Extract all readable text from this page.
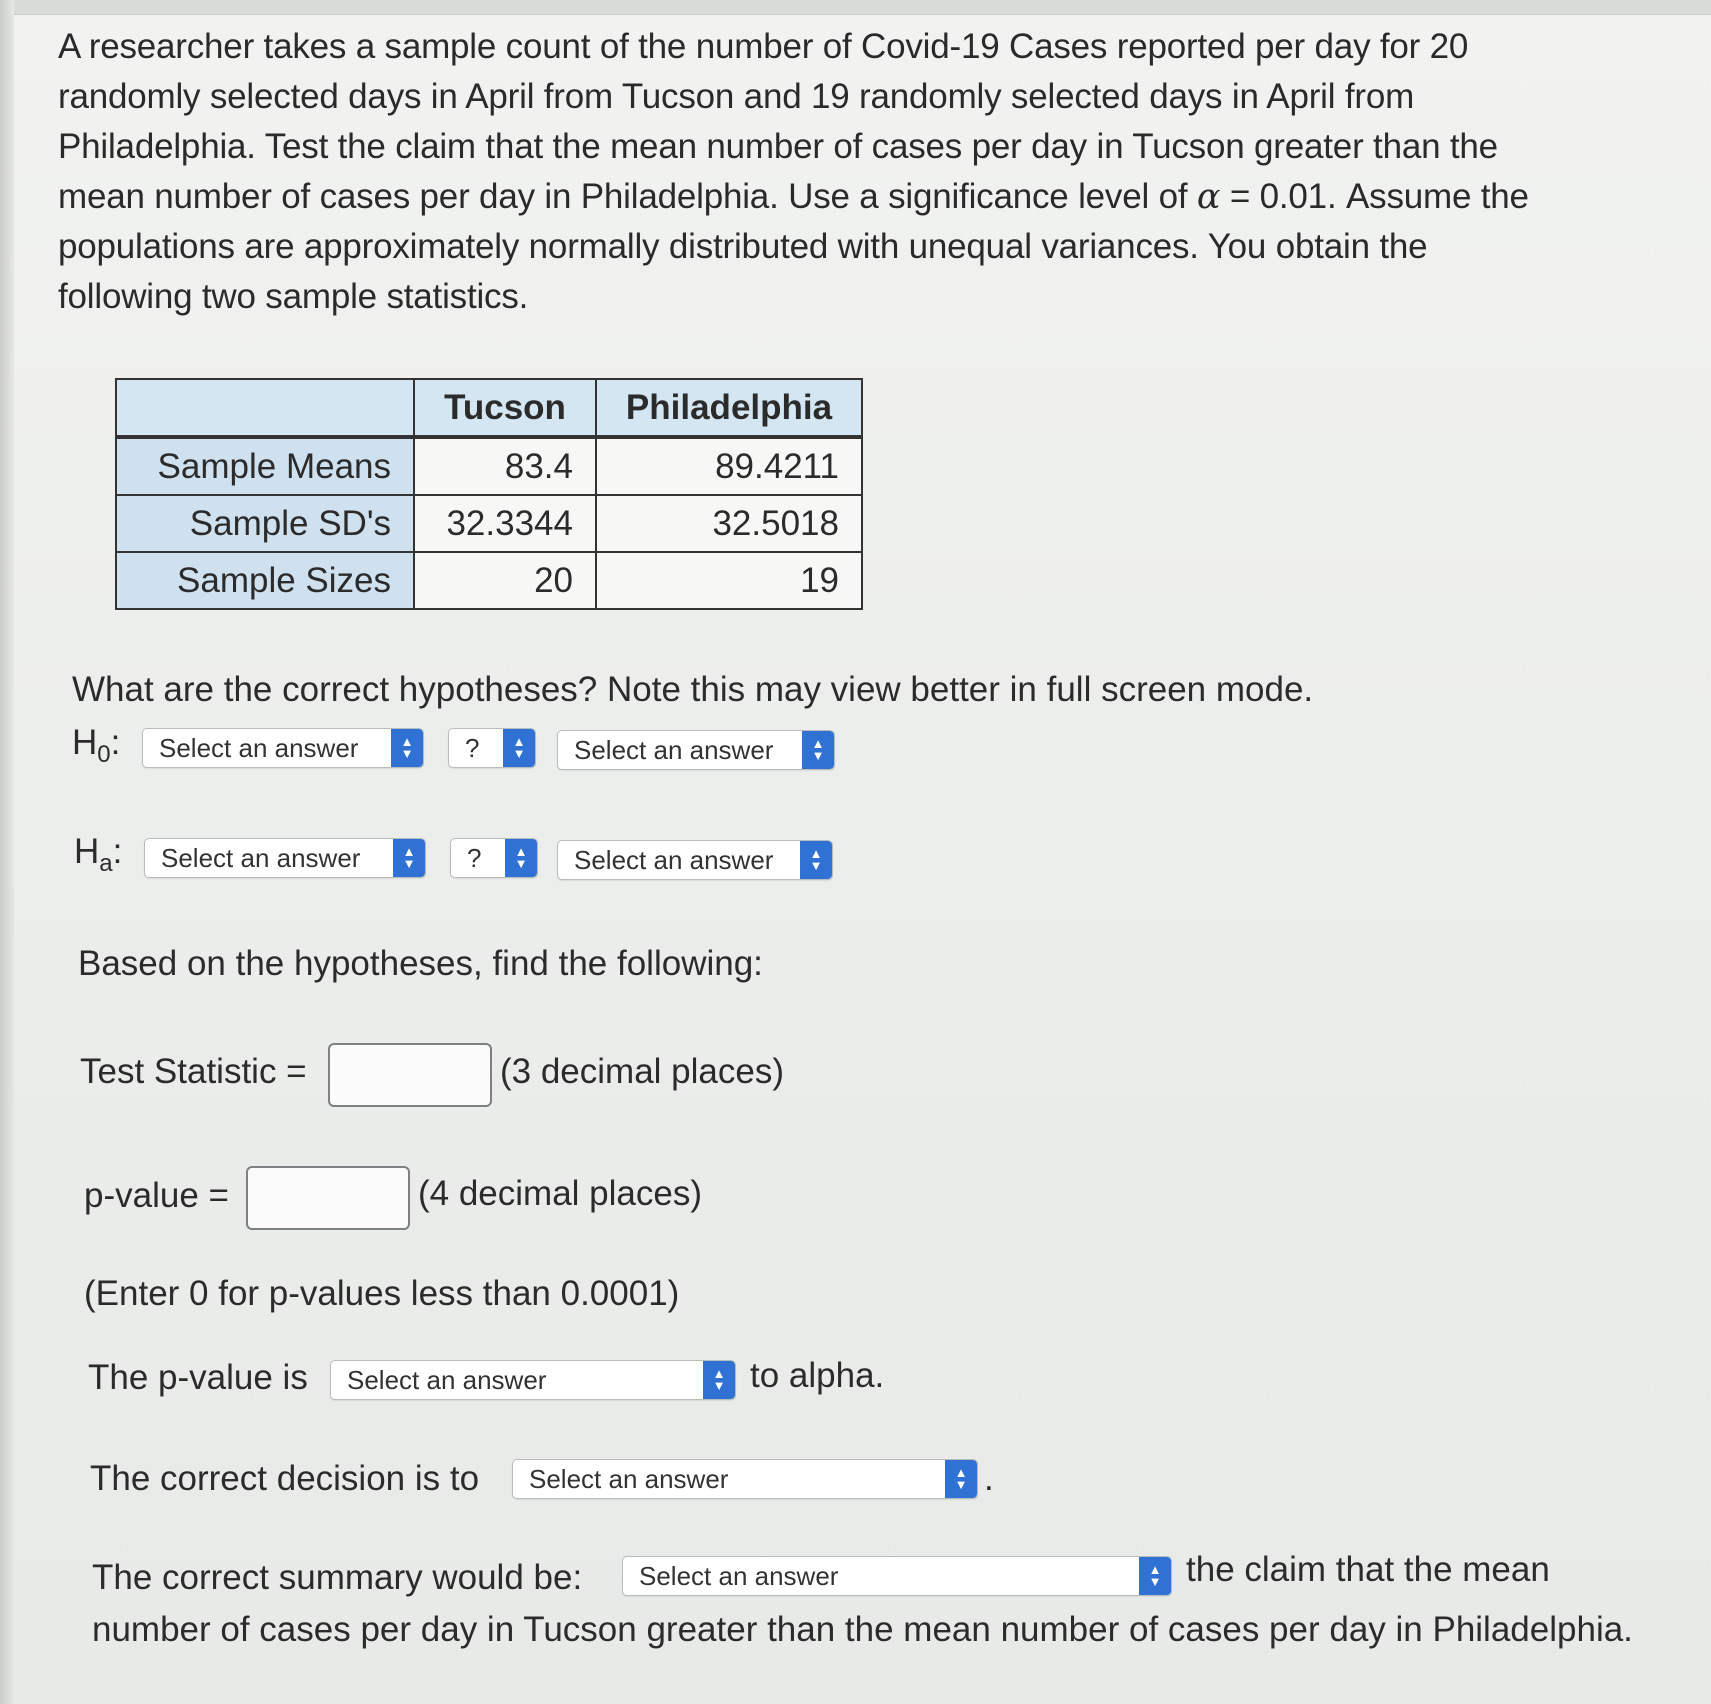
A researcher takes a sample count of the number of Covid-19 Cases reported per day for 20
randomly selected days in April from Tucson and 19 randomly selected days in April from
Philadelphia. Test the claim that the mean number of cases per day in Tucson greater than the
mean number of cases per day in Philadelphia. Use a significance level of α = 0.01. Assume the
populations are approximately normally distributed with unequal variances. You obtain the
following two sample statistics.
	Tucson	Philadelphia
Sample Means	83.4	89.4211
Sample SD's	32.3344	32.5018
Sample Sizes	20	19
What are the correct hypotheses? Note this may view better in full screen mode.
$H_0$:	Select an answer	▲
▼	?	▲
▼	Select an answer	▲
▼
$H_a$:	Select an answer	▲
▼	?	▲
▼	Select an answer	▲
▼
Based on the hypotheses, find the following:
Test Statistic =	(3 decimal places)
p-value =	(4 decimal places)
(Enter 0 for p-values less than 0.0001)
The p-value is	Select an answer	▲
▼ to alpha.
The correct decision is to	Select an answer	▲
▼ .
The correct summary would be:	Select an answer	▲
▼ the claim that the mean
number of cases per day in Tucson greater than the mean number of cases per day in Philadelphia.
